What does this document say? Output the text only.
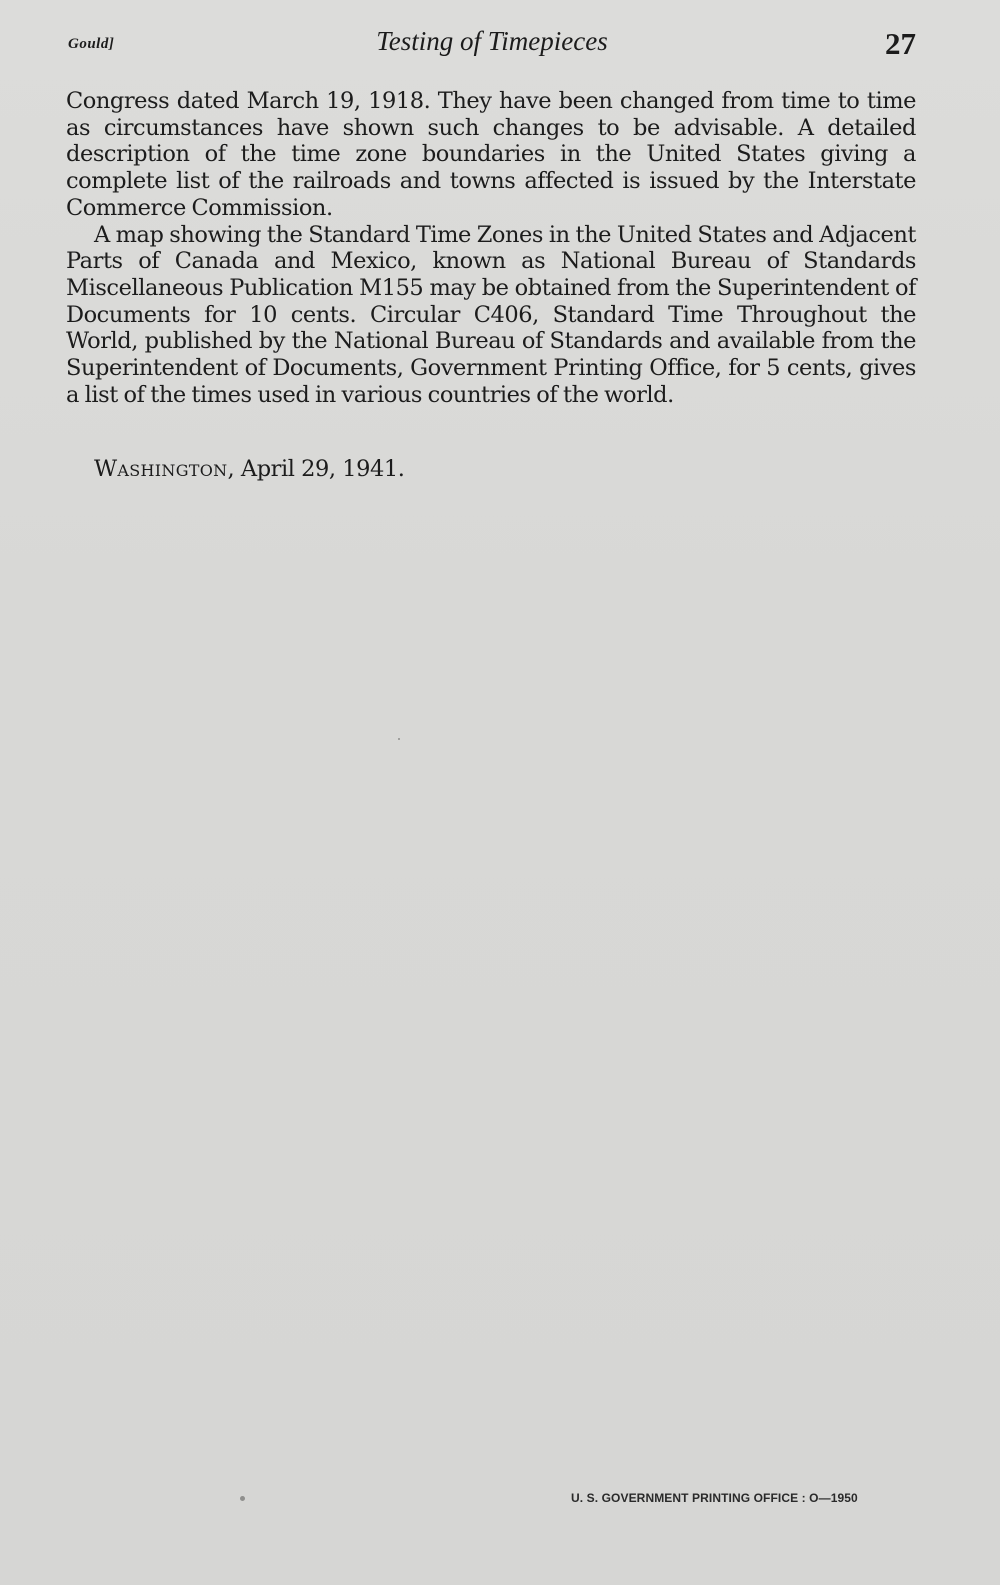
Gould]	Testing of Timepieces	27

Congress dated March 19, 1918. They have been changed from time to time as circumstances have shown such changes to be advisable. A detailed description of the time zone boundaries in the United States giving a complete list of the railroads and towns affected is issued by the Interstate Commerce Commission.

A map showing the Standard Time Zones in the United States and Adjacent Parts of Canada and Mexico, known as National Bureau of Standards Miscellaneous Publication M155 may be obtained from the Superintendent of Documents for 10 cents. Circular C406, Standard Time Throughout the World, published by the National Bureau of Standards and available from the Superintendent of Documents, Government Printing Office, for 5 cents, gives a list of the times used in various countries of the world.

Washington, April 29, 1941.
U. S. GOVERNMENT PRINTING OFFICE : O—1950
